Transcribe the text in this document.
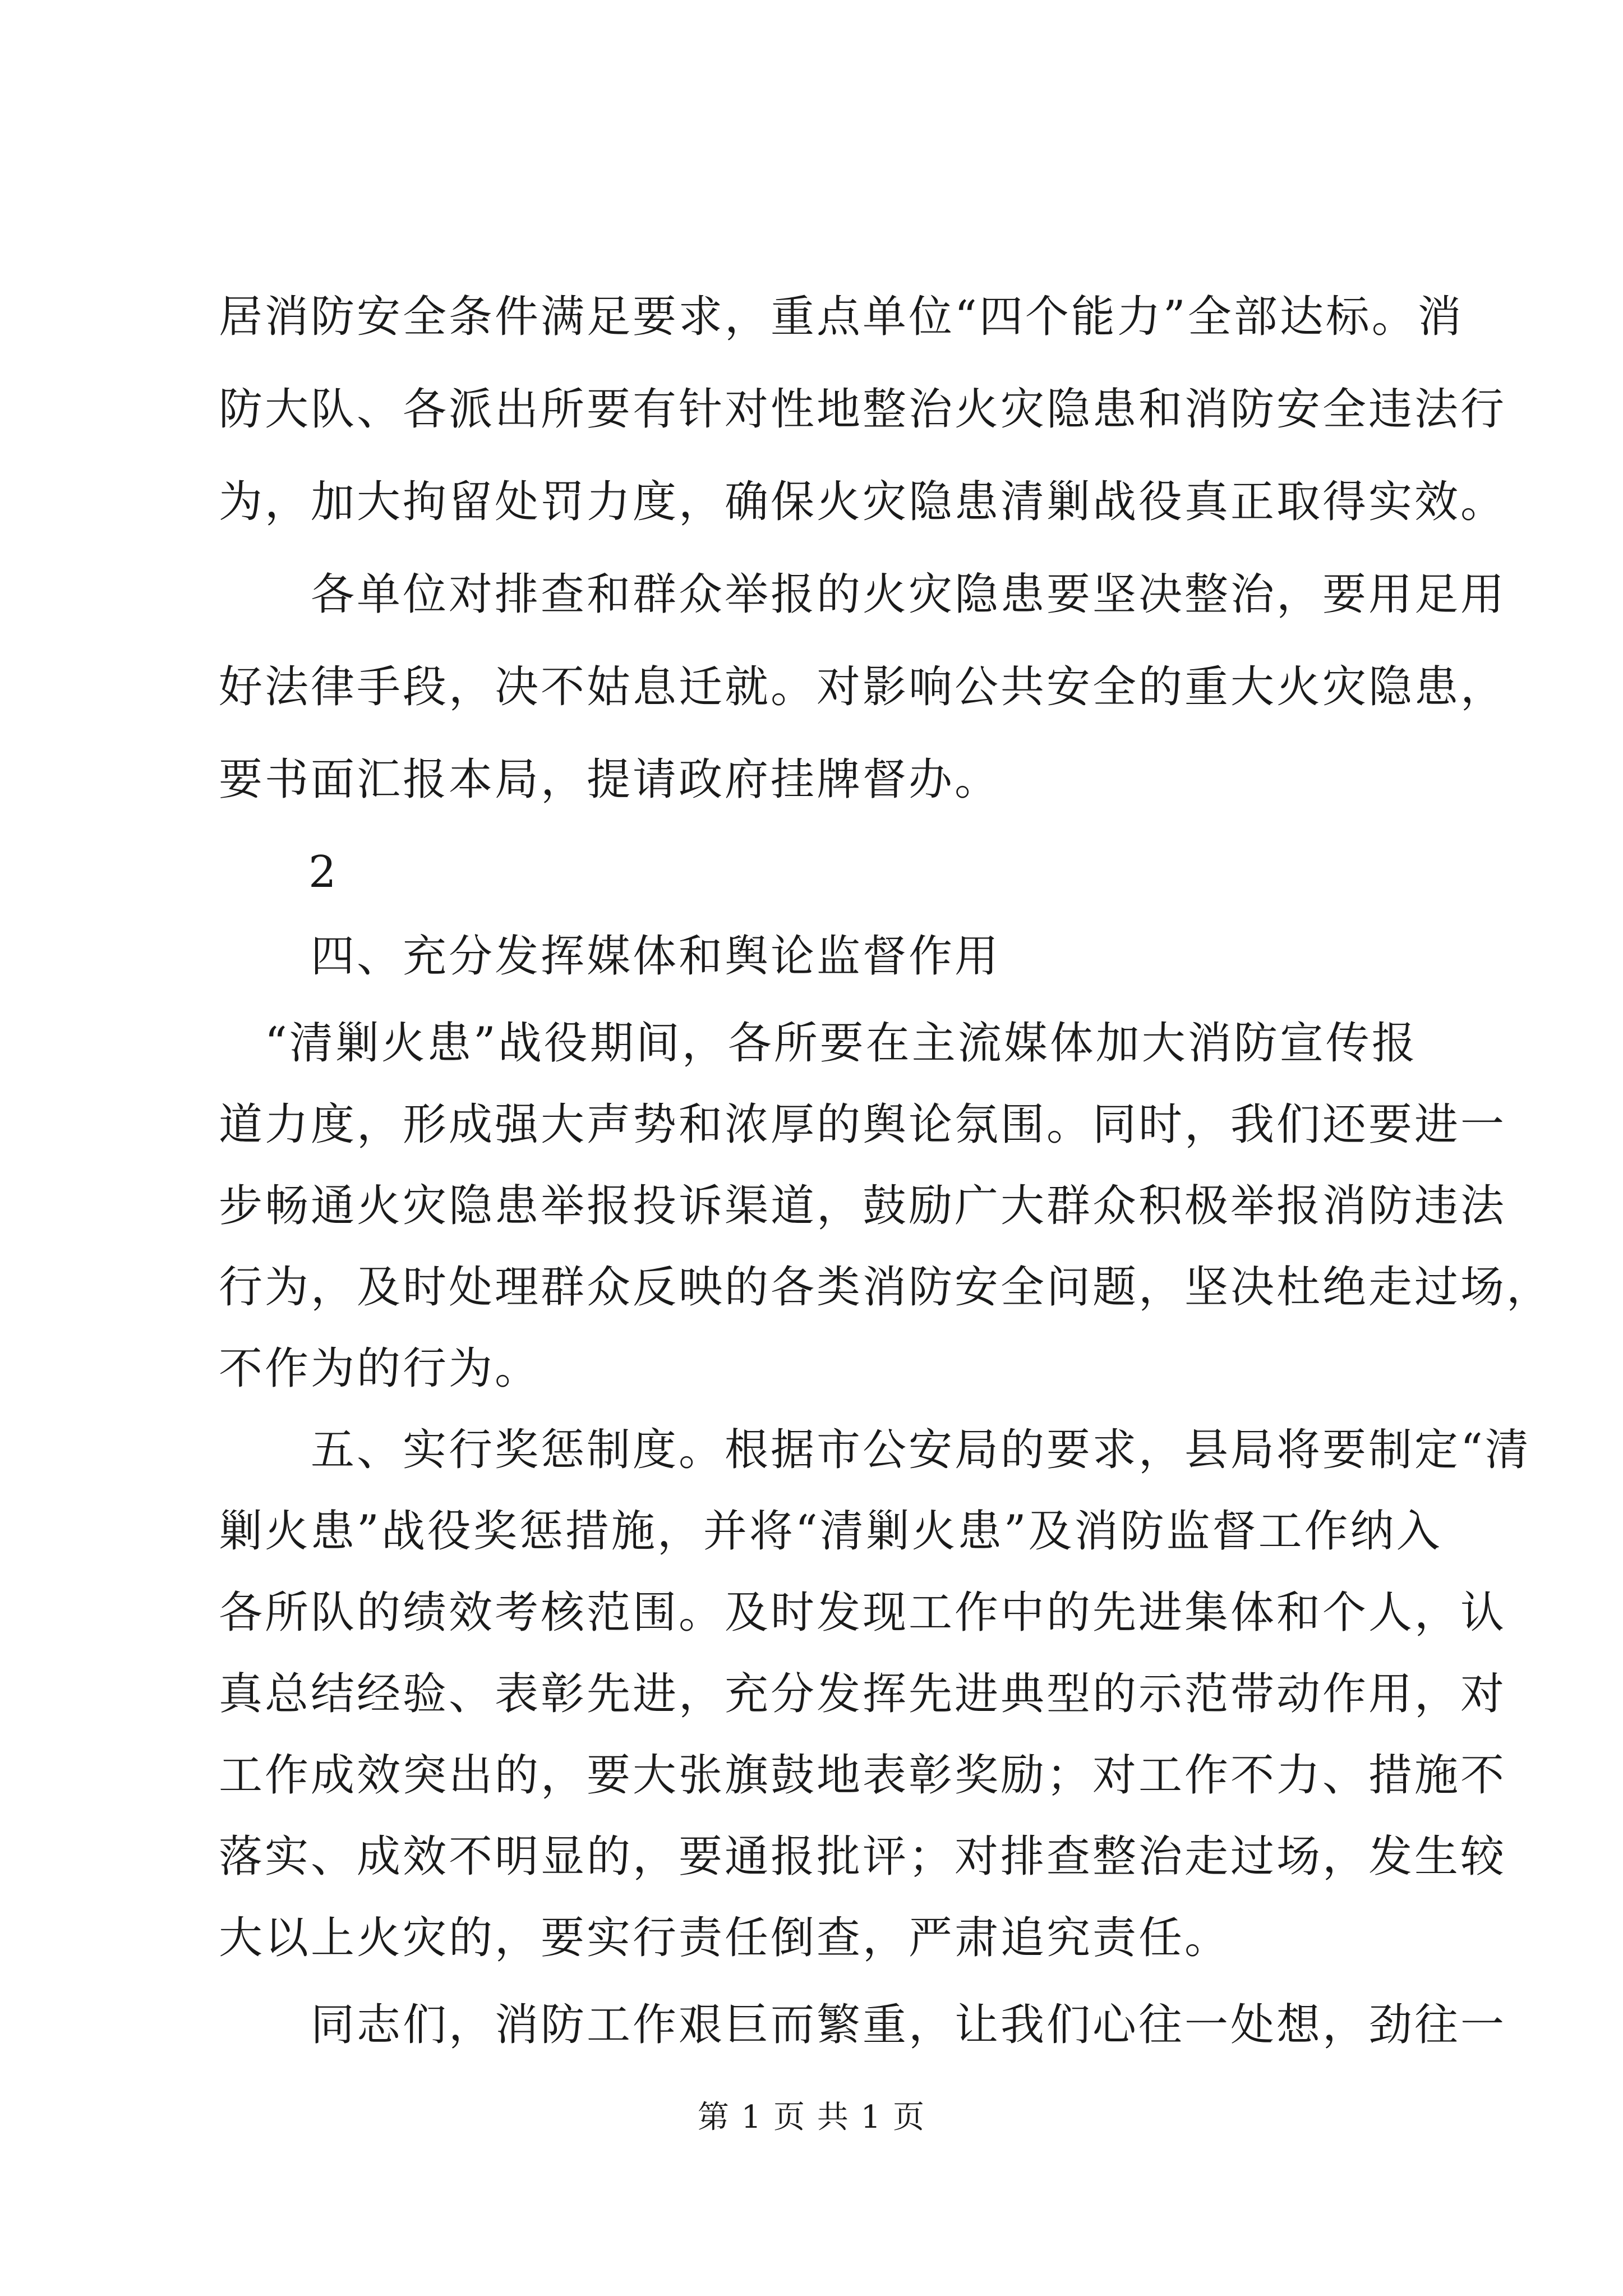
居消防安全条件满足要求，重点单位“四个能力”全部达标。消
防大队、各派出所要有针对性地整治火灾隐患和消防安全违法行
为，加大拘留处罚力度，确保火灾隐患清剿战役真正取得实效。
　　各单位对排查和群众举报的火灾隐患要坚决整治，要用足用
好法律手段，决不姑息迁就。对影响公共安全的重大火灾隐患，
要书面汇报本局，提请政府挂牌督办。
2
　　四、充分发挥媒体和舆论监督作用
　“清剿火患”战役期间，各所要在主流媒体加大消防宣传报
道力度，形成强大声势和浓厚的舆论氛围。同时，我们还要进一
步畅通火灾隐患举报投诉渠道，鼓励广大群众积极举报消防违法
行为，及时处理群众反映的各类消防安全问题，坚决杜绝走过场，
不作为的行为。
　　五、实行奖惩制度。根据市公安局的要求，县局将要制定“清
剿火患”战役奖惩措施，并将“清剿火患”及消防监督工作纳入
各所队的绩效考核范围。及时发现工作中的先进集体和个人，认
真总结经验、表彰先进，充分发挥先进典型的示范带动作用，对
工作成效突出的，要大张旗鼓地表彰奖励；对工作不力、措施不
落实、成效不明显的，要通报批评；对排查整治走过场，发生较
大以上火灾的，要实行责任倒查，严肃追究责任。
　　同志们，消防工作艰巨而繁重，让我们心往一处想，劲往一
第 1 页 共 1 页
